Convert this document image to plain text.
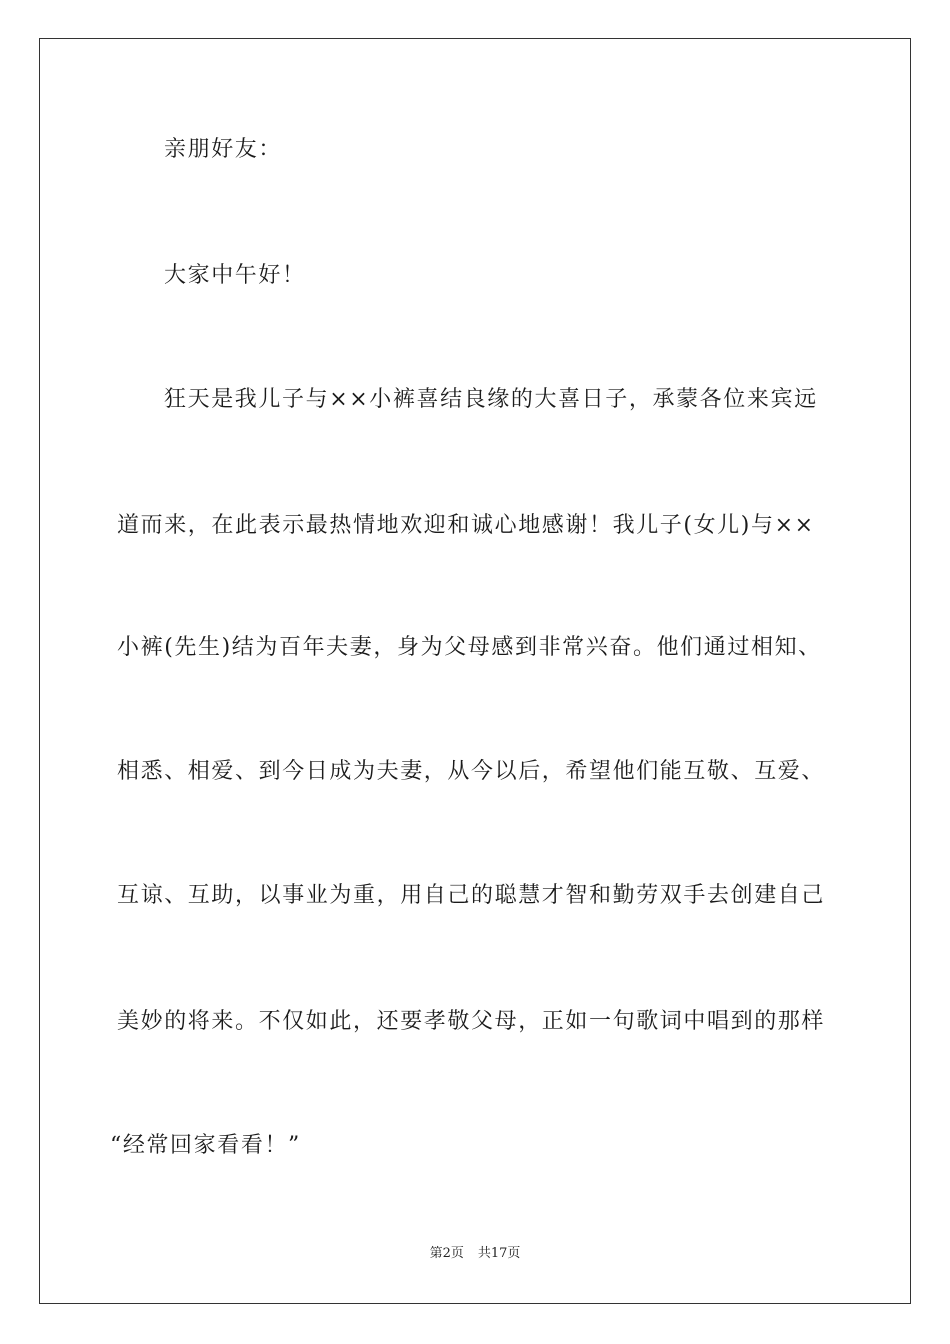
亲朋好友：
大家中午好！
狂天是我儿子与××小裤喜结良缘的大喜日子，承蒙各位来宾远
道而来，在此表示最热情地欢迎和诚心地感谢！我儿子(女儿)与××
小裤(先生)结为百年夫妻，身为父母感到非常兴奋。他们通过相知、
相悉、相爱、到今日成为夫妻，从今以后，希望他们能互敬、互爱、
互谅、互助，以事业为重，用自己的聪慧才智和勤劳双手去创建自己
美妙的将来。不仅如此，还要孝敬父母，正如一句歌词中唱到的那样
“经常回家看看！”
第2页 共17页
